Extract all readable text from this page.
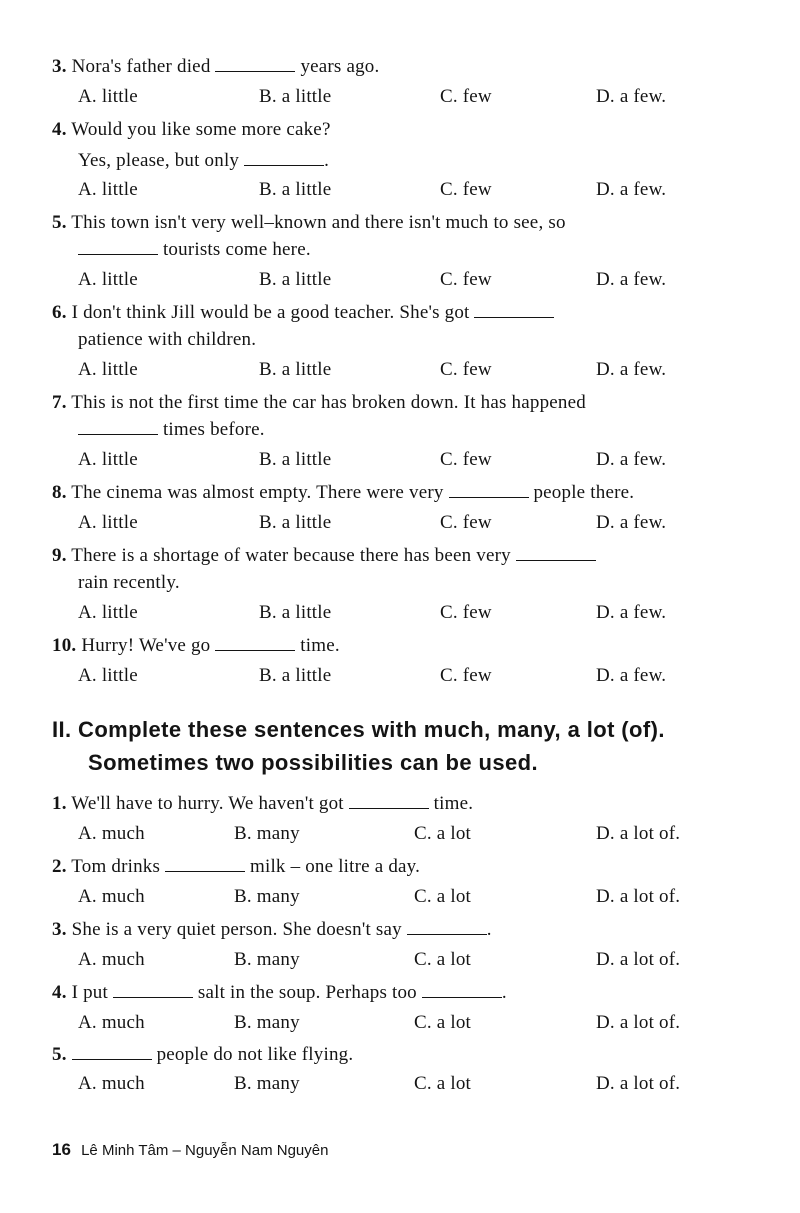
3. Nora's father died	years ago.
A. little	B. a little	C. few	D. a few.
4. Would you like some more cake?
Yes, please, but only	.
A. little	B. a little	C. few	D. a few.
5. This town isn't very well–known and there isn't much to see, so
tourists come here.
A. little	B. a little	C. few	D. a few.
6. I don't think Jill would be a good teacher. She's got
patience with children.
A. little	B. a little	C. few	D. a few.
7. This is not the first time the car has broken down. It has happened
times before.
A. little	B. a little	C. few	D. a few.
8. The cinema was almost empty. There were very	people there.
A. little	B. a little	C. few	D. a few.
9. There is a shortage of water because there has been very
rain recently.
A. little	B. a little	C. few	D. a few.
10. Hurry! We've go	time.
A. little	B. a little	C. few	D. a few.
II. Complete these sentences with much, many, a lot (of).
Sometimes two possibilities can be used.
1. We'll have to hurry. We haven't got	time.
A. much	B. many	C. a lot	D. a lot of.
2. Tom drinks	milk – one litre a day.
A. much	B. many	C. a lot	D. a lot of.
3. She is a very quiet person. She doesn't say	.
A. much	B. many	C. a lot	D. a lot of.
4. I put	salt in the soup. Perhaps too	.
A. much	B. many	C. a lot	D. a lot of.
5.	people do not like flying.
A. much	B. many	C. a lot	D. a lot of.
16 Lê Minh Tâm – Nguyễn Nam Nguyên
